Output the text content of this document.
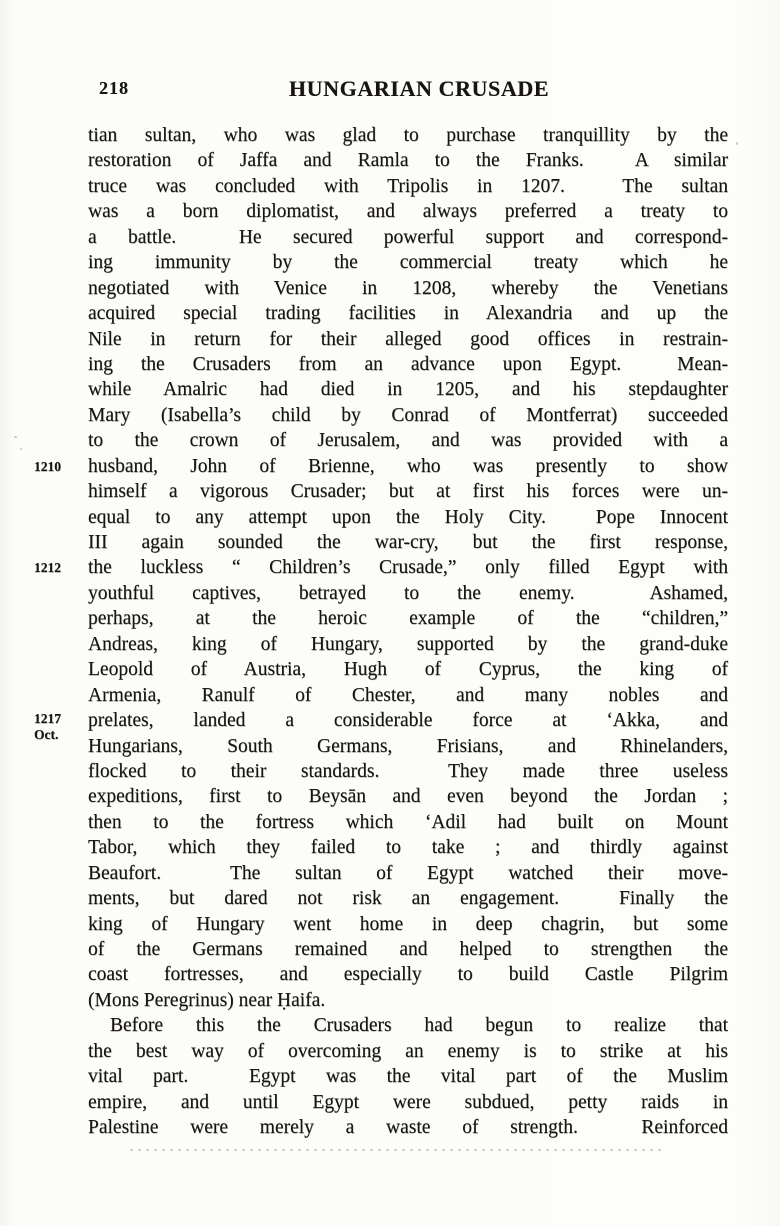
218	HUNGARIAN CRUSADE
tian sultan, who was glad to purchase tranquillity by the
restoration of Jaffa and Ramla to the Franks.  A similar
truce was concluded with Tripolis in 1207.  The sultan
was a born diplomatist, and always preferred a treaty to
a battle.  He secured powerful support and correspond-
ing immunity by the commercial treaty which he
negotiated with Venice in 1208, whereby the Venetians
acquired special trading facilities in Alexandria and up the
Nile in return for their alleged good offices in restrain-
ing the Crusaders from an advance upon Egypt.  Mean-
while Amalric had died in 1205, and his stepdaughter
Mary (Isabella’s child by Conrad of Montferrat) succeeded
to the crown of Jerusalem, and was provided with a
1210	husband, John of Brienne, who was presently to show
himself a vigorous Crusader; but at first his forces were un-
equal to any attempt upon the Holy City.  Pope Innocent
III again sounded the war-cry, but the first response,
1212	the luckless “ Children’s Crusade,” only filled Egypt with
youthful captives, betrayed to the enemy.  Ashamed,
perhaps, at the heroic example of the “children,”
Andreas, king of Hungary, supported by the grand-duke
Leopold of Austria, Hugh of Cyprus, the king of
Armenia, Ranulf of Chester, and many nobles and
1217
Oct.
prelates, landed a considerable force at ‘Akka, and
Hungarians, South Germans, Frisians, and Rhinelanders,
flocked to their standards.  They made three useless
expeditions, first to Beysān and even beyond the Jordan ;
then to the fortress which ‘Adil had built on Mount
Tabor, which they failed to take ; and thirdly against
Beaufort.  The sultan of Egypt watched their move-
ments, but dared not risk an engagement.  Finally the
king of Hungary went home in deep chagrin, but some
of the Germans remained and helped to strengthen the
coast fortresses, and especially to build Castle Pilgrim
(Mons Peregrinus) near Ḥaifa.
Before this the Crusaders had begun to realize that
the best way of overcoming an enemy is to strike at his
vital part.  Egypt was the vital part of the Muslim
empire, and until Egypt were subdued, petty raids in
Palestine were merely a waste of strength.  Reinforced
